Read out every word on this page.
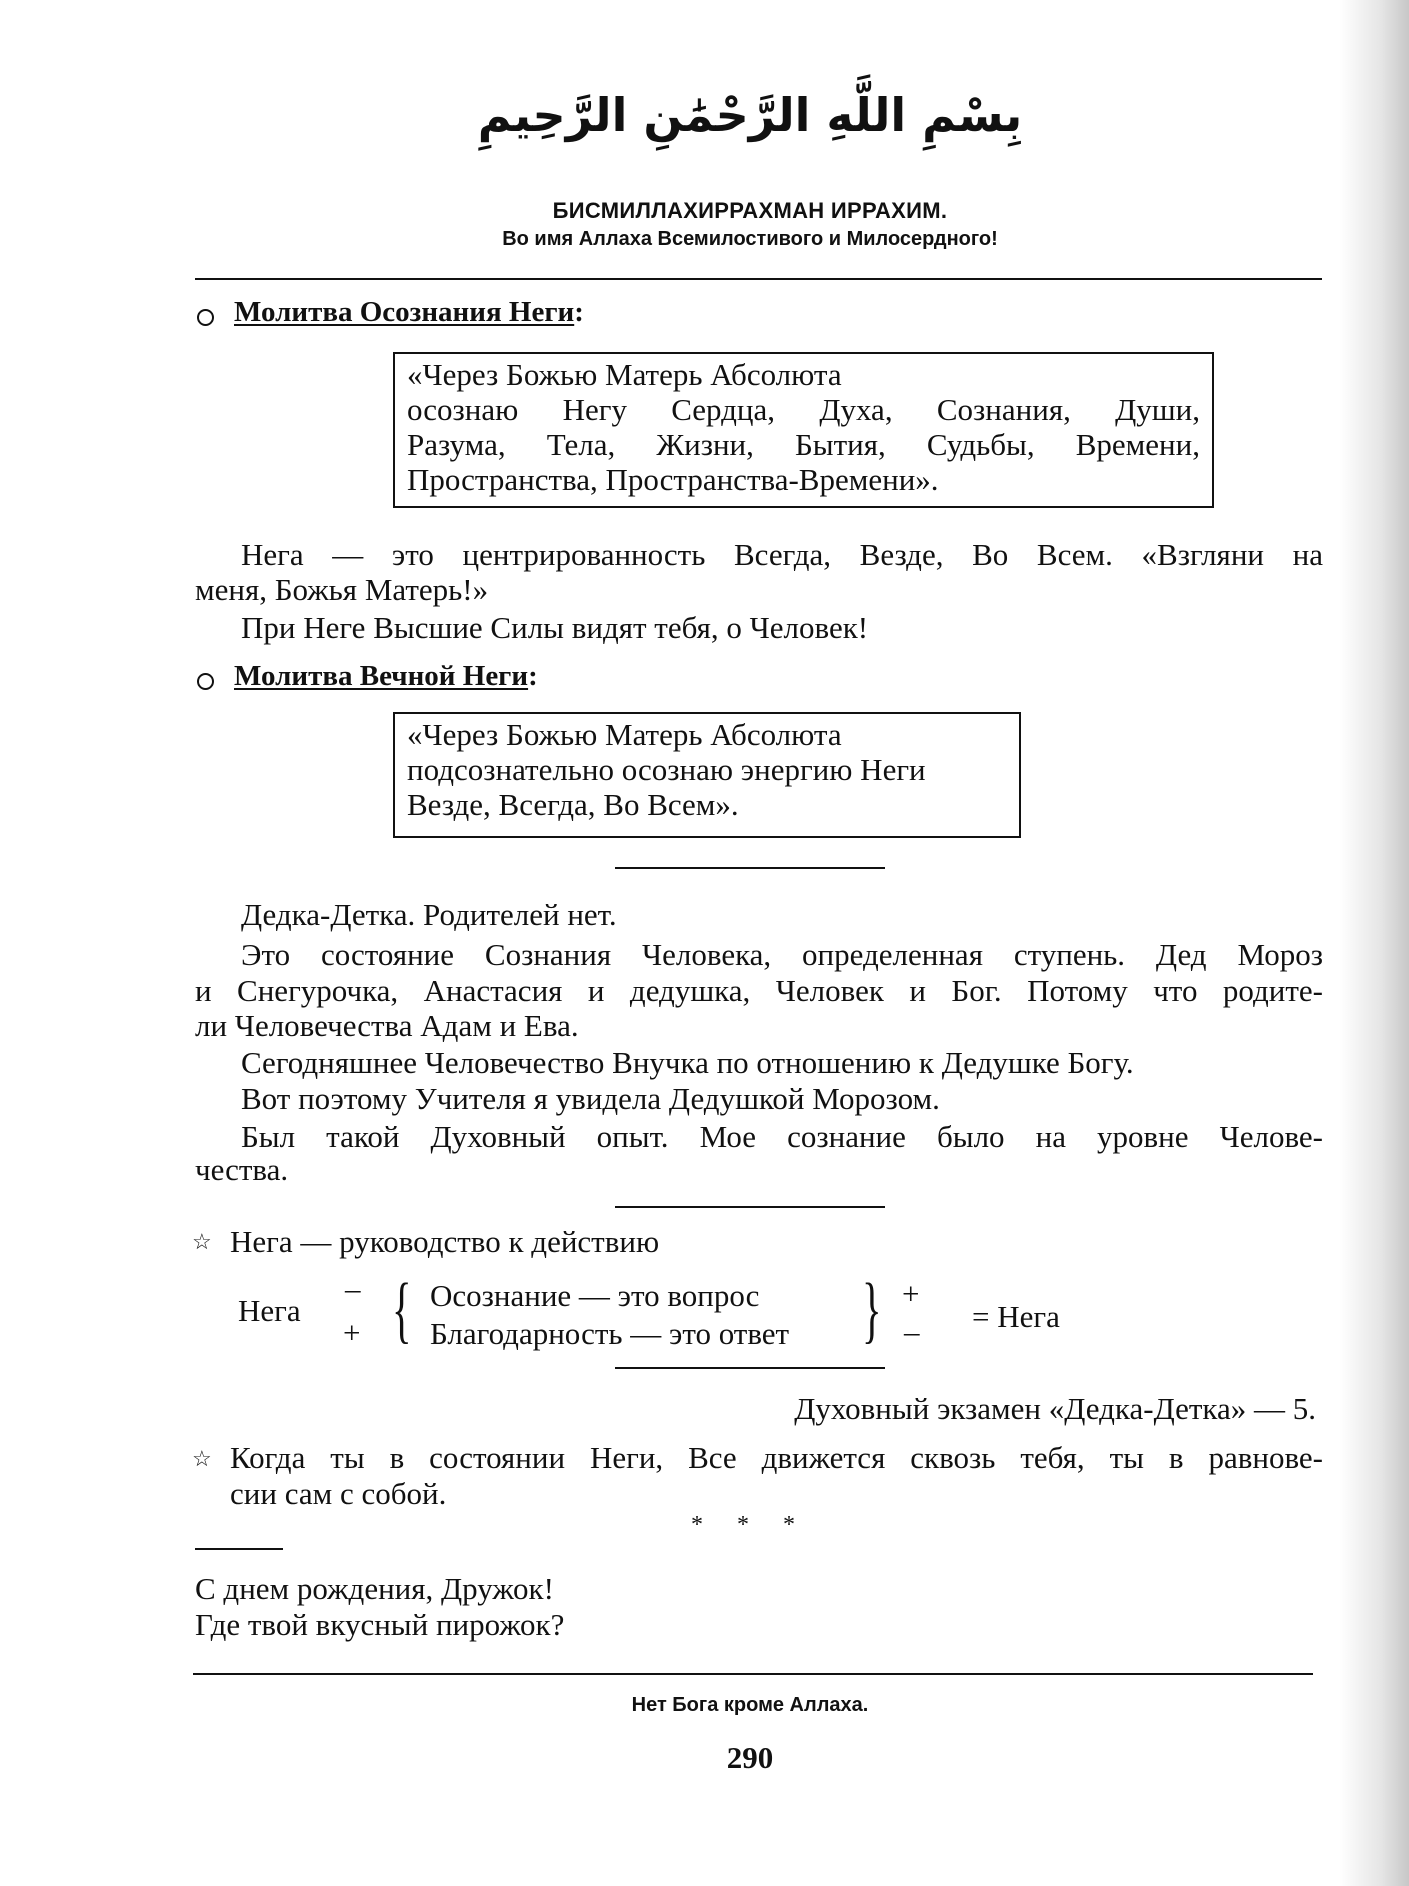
بِسْمِ اللَّهِ الرَّحْمَٰنِ الرَّحِيمِ
БИСМИЛЛАХИРРАХМАН ИРРАХИМ.
Во имя Аллаха Всемилостивого и Милосердного!
Молитва Осознания Неги:
«Через Божью Матерь Абсолюта
осознаю Негу Сердца, Духа, Сознания, Души,
Разума, Тела, Жизни, Бытия, Судьбы, Времени,
Пространства, Пространства-Времени».
Нега — это центрированность Всегда, Везде, Во Всем. «Взгляни на
меня, Божья Матерь!»
При Неге Высшие Силы видят тебя, о Человек!
Молитва Вечной Неги:
«Через Божью Матерь Абсолюта
подсознательно осознаю энергию Неги
Везде, Всегда, Во Всем».
Дедка-Детка. Родителей нет.
Это состояние Сознания Человека, определенная ступень. Дед Мороз
и Снегурочка, Анастасия и дедушка, Человек и Бог. Потому что родите-
ли Человечества Адам и Ева.
Сегодняшнее Человечество Внучка по отношению к Дедушке Богу.
Вот поэтому Учителя я увидела Дедушкой Морозом.
Был такой Духовный опыт. Мое сознание было на уровне Челове-
чества.
☆ Нега — руководство к действию
Нега
–
+ { Осознание — это вопрос
Благодарность — это ответ } +
– = Нега
Духовный экзамен «Дедка-Детка» — 5.
☆ Когда ты в состоянии Неги, Все движется сквозь тебя, ты в равнове-
сии сам с собой.
* * *
С днем рождения, Дружок!
Где твой вкусный пирожок?
Нет Бога кроме Аллаха.
290
